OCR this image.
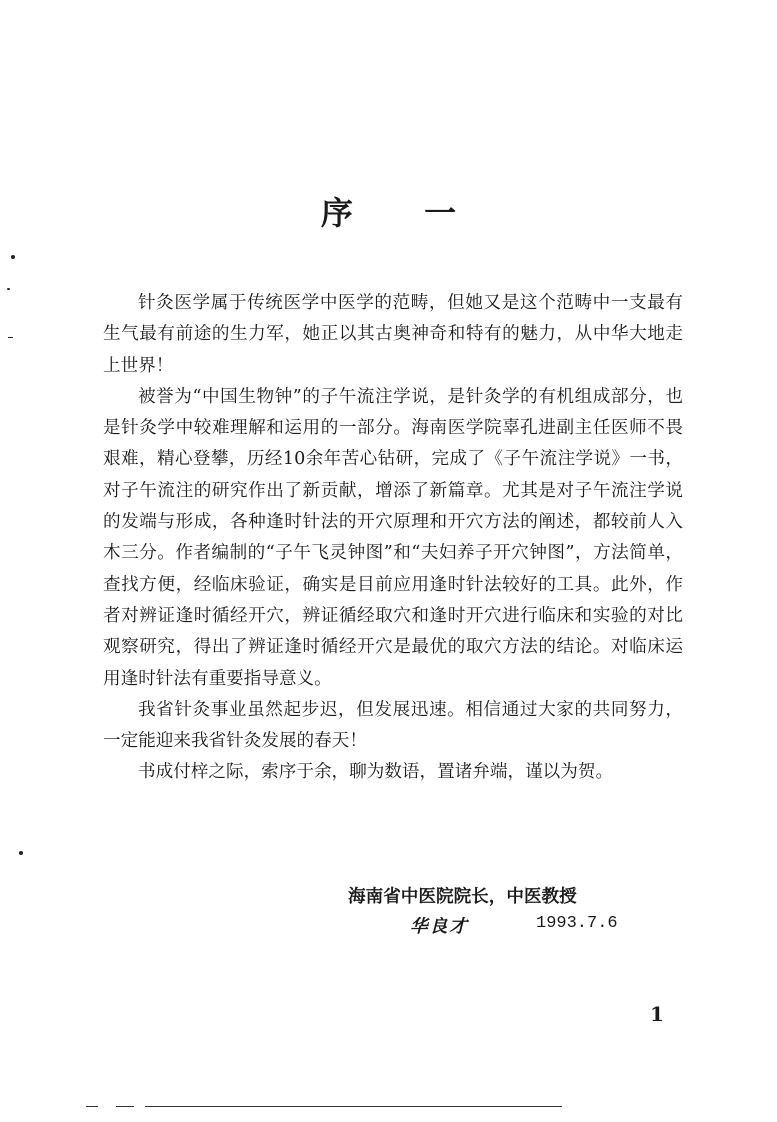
序 一

针灸医学属于传统医学中医学的范畴，但她又是这个范畴中一支最有生气最有前途的生力军，她正以其古奥神奇和特有的魅力，从中华大地走上世界！

被誉为“中国生物钟”的子午流注学说，是针灸学的有机组成部分，也是针灸学中较难理解和运用的一部分。海南医学院辜孔进副主任医师不畏艰难，精心登攀，历经10余年苦心钻研，完成了《子午流注学说》一书，对子午流注的研究作出了新贡献，增添了新篇章。尤其是对子午流注学说的发端与形成，各种逢时针法的开穴原理和开穴方法的阐述，都较前人入木三分。作者编制的“子午飞灵钟图”和“夫妇养子开穴钟图”，方法简单，查找方便，经临床验证，确实是目前应用逢时针法较好的工具。此外，作者对辨证逢时循经开穴，辨证循经取穴和逢时开穴进行临床和实验的对比观察研究，得出了辨证逢时循经开穴是最优的取穴方法的结论。对临床运用逢时针法有重要指导意义。

我省针灸事业虽然起步迟，但发展迅速。相信通过大家的共同努力，一定能迎来我省针灸发展的春天！

书成付梓之际，索序于余，聊为数语，置诸弁端，谨以为贺。

海南省中医院院长，中医教授
华良才	1993.7.6
1
